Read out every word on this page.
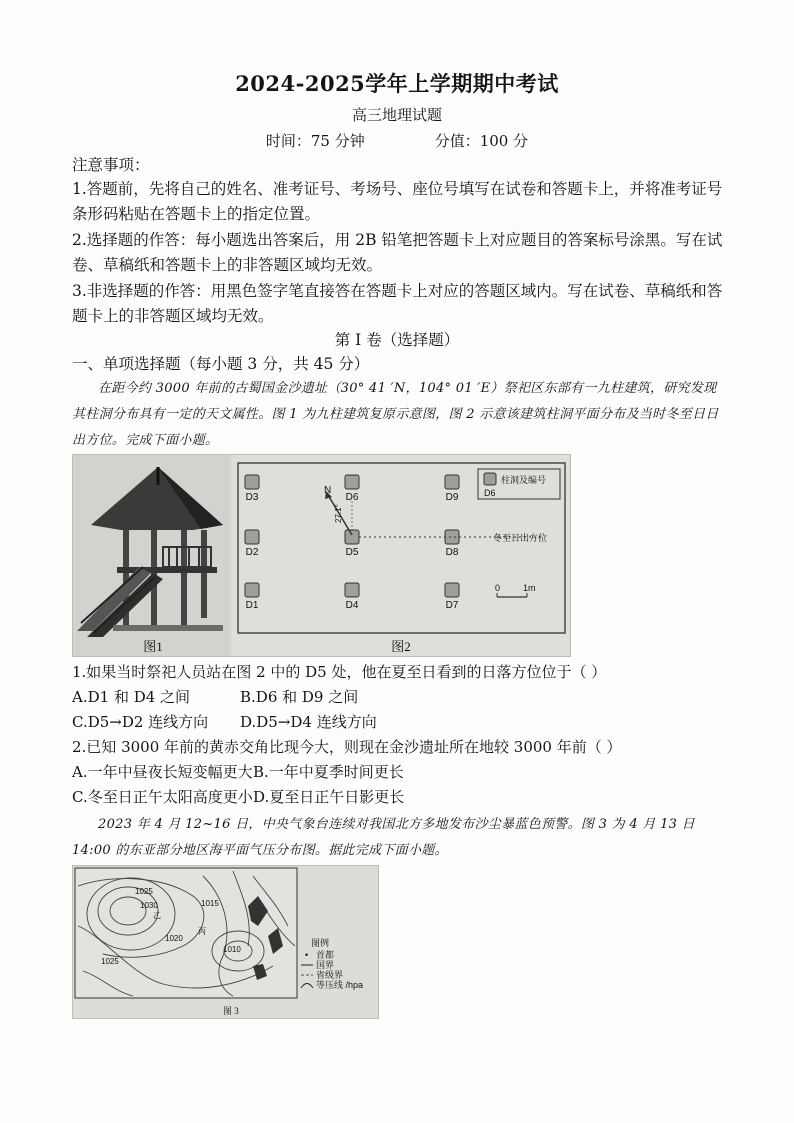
2024-2025学年上学期期中考试
高三地理试题
时间：75 分钟	分值：100 分
注意事项：
1.答题前，先将自己的姓名、准考证号、考场号、座位号填写在试卷和答题卡上，并将准考证号条形码粘贴在答题卡上的指定位置。
2.选择题的作答：每小题选出答案后，用 2B 铅笔把答题卡上对应题目的答案标号涂黑。写在试卷、草稿纸和答题卡上的非答题区域均无效。
3.非选择题的作答：用黑色签字笔直接答在答题卡上对应的答题区域内。写在试卷、草稿纸和答题卡上的非答题区域均无效。
第 I 卷（选择题）
一、单项选择题（每小题 3 分，共 45 分）
在距今约 3000 年前的古蜀国金沙遗址（30° 41 ′N，104° 01 ′E）祭祀区东部有一九柱建筑，研究发现其柱洞分布具有一定的天文属性。图 1 为九柱建筑复原示意图，图 2 示意该建筑柱洞平面分布及当时冬至日日出方位。完成下面小题。
图1
D3	D6	D9
D2	D5	D8
D1	D4	D7
N
27.1°
冬至日出方位
D6
柱洞及编号
0	1m
图2
1.如果当时祭祀人员站在图 2 中的 D5 处，他在夏至日看到的日落方位位于（ ）
A.D1 和 D4 之间	B.D6 和 D9 之间
C.D5→D2 连线方向 D.D5→D4 连线方向
2.已知 3000 年前的黄赤交角比现今大，则现在金沙遗址所在地较 3000 年前（ ）
A.一年中昼夜长短变幅更大 B.一年中夏季时间更长
C.冬至日正午太阳高度更小 D.夏至日正午日影更长
2023 年 4 月 12~16 日，中央气象台连续对我国北方多地发布沙尘暴蓝色预警。图 3 为 4 月 13 日 14:00 的东亚部分地区海平面气压分布图。据此完成下面小题。
1025
1030	1015
1020
1010
1025
乙
丙
图例
• 首都
国界
省级界
等压线 /hpa
图 3
